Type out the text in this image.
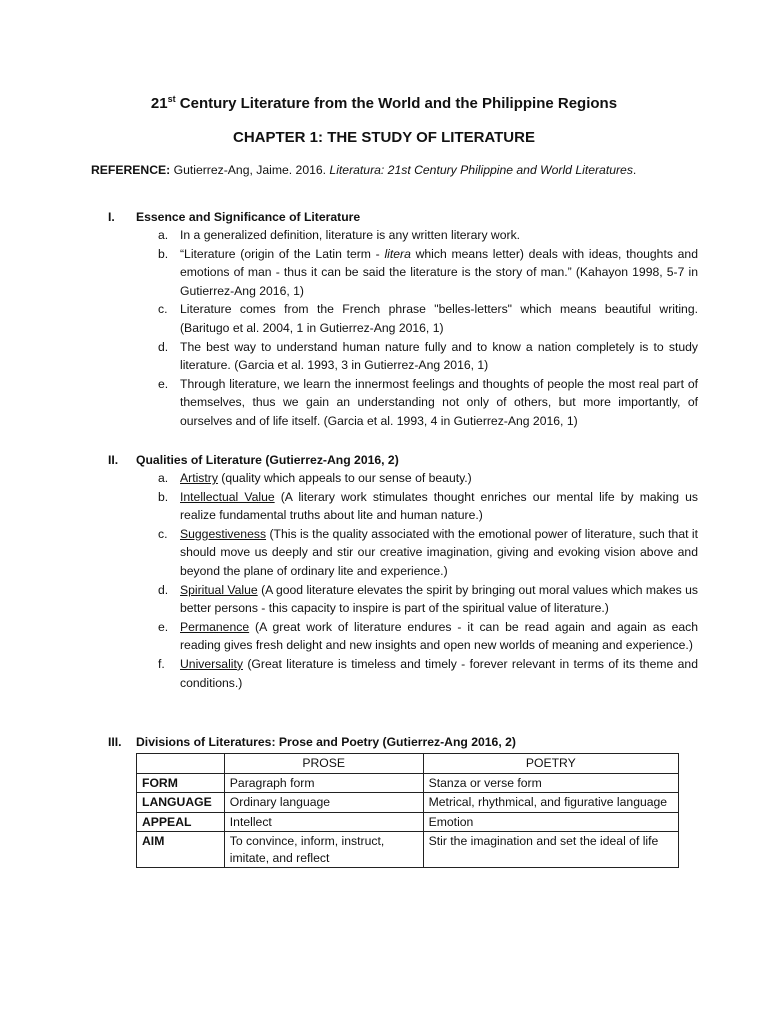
21st Century Literature from the World and the Philippine Regions
CHAPTER 1: THE STUDY OF LITERATURE
REFERENCE: Gutierrez-Ang, Jaime. 2016. Literatura: 21st Century Philippine and World Literatures.
I.	Essence and Significance of Literature
a. In a generalized definition, literature is any written literary work.
b. “Literature (origin of the Latin term - litera which means letter) deals with ideas, thoughts and emotions of man - thus it can be said the literature is the story of man.” (Kahayon 1998, 5-7 in Gutierrez-Ang 2016, 1)
c. Literature comes from the French phrase "belles-letters" which means beautiful writing. (Baritugo et al. 2004, 1 in Gutierrez-Ang 2016, 1)
d. The best way to understand human nature fully and to know a nation completely is to study literature. (Garcia et al. 1993, 3 in Gutierrez-Ang 2016, 1)
e. Through literature, we learn the innermost feelings and thoughts of people the most real part of themselves, thus we gain an understanding not only of others, but more importantly, of ourselves and of life itself. (Garcia et al. 1993, 4 in Gutierrez-Ang 2016, 1)
II.	Qualities of Literature (Gutierrez-Ang 2016, 2)
a. Artistry (quality which appeals to our sense of beauty.)
b. Intellectual Value (A literary work stimulates thought enriches our mental life by making us realize fundamental truths about lite and human nature.)
c. Suggestiveness (This is the quality associated with the emotional power of literature, such that it should move us deeply and stir our creative imagination, giving and evoking vision above and beyond the plane of ordinary lite and experience.)
d. Spiritual Value (A good literature elevates the spirit by bringing out moral values which makes us better persons - this capacity to inspire is part of the spiritual value of literature.)
e. Permanence (A great work of literature endures - it can be read again and again as each reading gives fresh delight and new insights and open new worlds of meaning and experience.)
f. Universality (Great literature is timeless and timely - forever relevant in terms of its theme and conditions.)
III.	Divisions of Literatures: Prose and Poetry (Gutierrez-Ang 2016, 2)
	PROSE	POETRY
FORM	Paragraph form	Stanza or verse form
LANGUAGE	Ordinary language	Metrical, rhythmical, and figurative language
APPEAL	Intellect	Emotion
AIM	To convince, inform, instruct, imitate, and reflect	Stir the imagination and set the ideal of life
